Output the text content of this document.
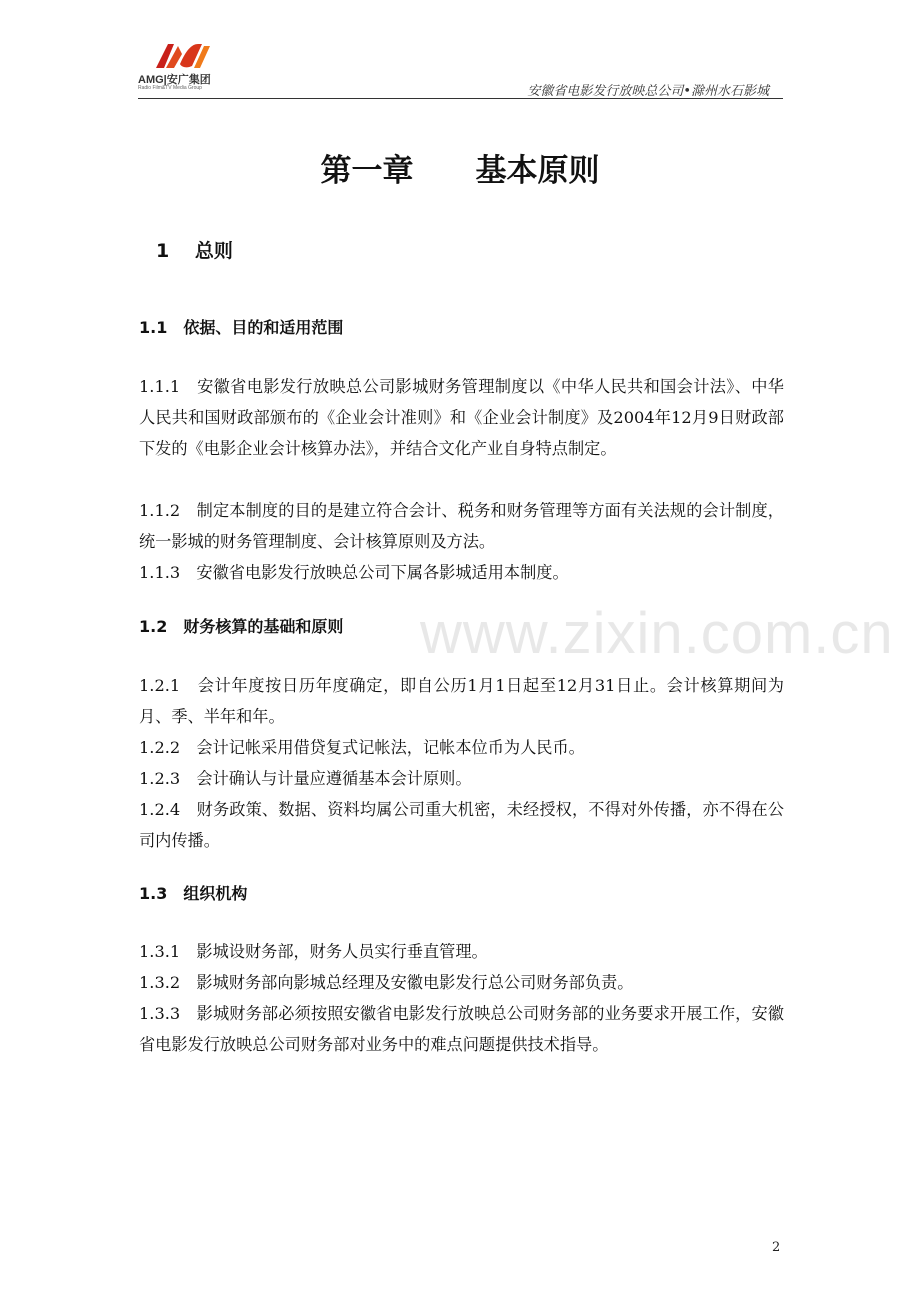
AMG|安广集团
Radio Film&TV Media Group	安徽省电影发行放映总公司•滁州水石影城
第一章　　基本原则
1　 总则
1.1　依据、目的和适用范围
1.1.1　安徽省电影发行放映总公司影城财务管理制度以《中华人民共和国会计法》、中华人民共和国财政部颁布的《企业会计准则》和《企业会计制度》及2004年12月9日财政部下发的《电影企业会计核算办法》，并结合文化产业自身特点制定。
1.1.2　制定本制度的目的是建立符合会计、税务和财务管理等方面有关法规的会计制度，统一影城的财务管理制度、会计核算原则及方法。
1.1.3　安徽省电影发行放映总公司下属各影城适用本制度。
www.zixin.com.cn
1.2　财务核算的基础和原则
1.2.1　会计年度按日历年度确定，即自公历1月1日起至12月31日止。会计核算期间为月、季、半年和年。
1.2.2　会计记帐采用借贷复式记帐法，记帐本位币为人民币。
1.2.3　会计确认与计量应遵循基本会计原则。
1.2.4　财务政策、数据、资料均属公司重大机密，未经授权，不得对外传播，亦不得在公司内传播。
1.3　组织机构
1.3.1　影城设财务部，财务人员实行垂直管理。
1.3.2　影城财务部向影城总经理及安徽电影发行总公司财务部负责。
1.3.3　影城财务部必须按照安徽省电影发行放映总公司财务部的业务要求开展工作，安徽省电影发行放映总公司财务部对业务中的难点问题提供技术指导。
2
